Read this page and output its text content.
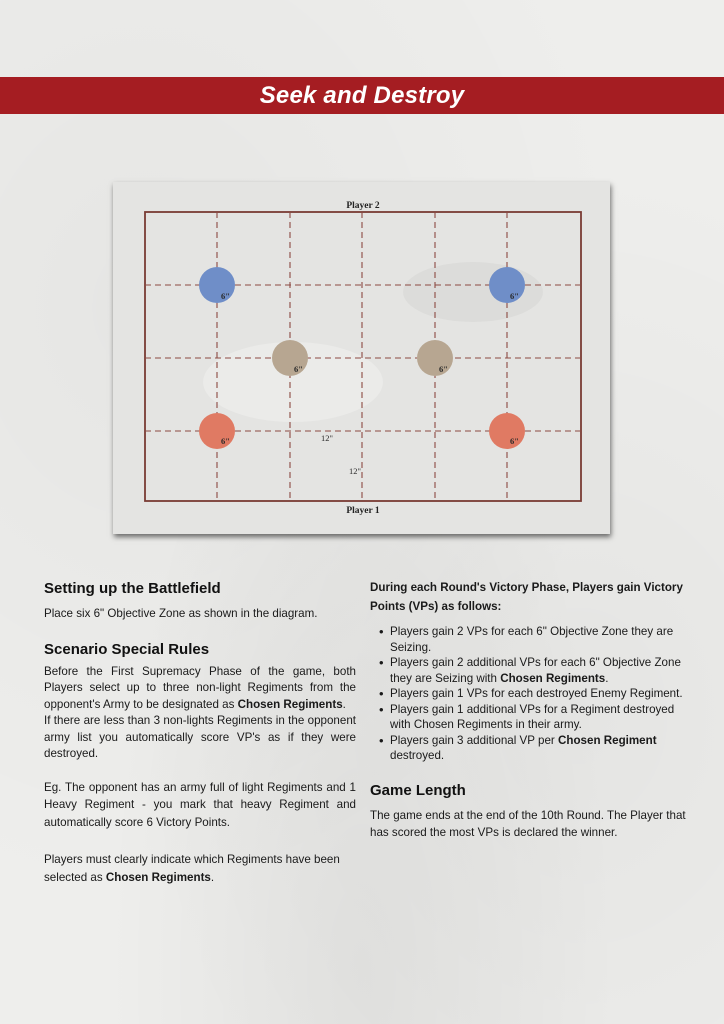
Seek and Destroy
6"	6"
6"	6"
6"	6"
12"
12"
Player 2
Player 1
Setting up the Battlefield

Place six 6" Objective Zone as shown in the diagram.

Scenario Special Rules

Before the First Supremacy Phase of the game, both Players select up to three non-light Regiments from the opponent's Army to be designated as Chosen Regiments.
If there are less than 3 non-lights Regiments in the opponent army list you automatically score VP's as if they were destroyed.

Eg. The opponent has an army full of light Regiments and 1 Heavy Regiment - you mark that heavy Regiment and automatically score 6 Victory Points.

Players must clearly indicate which Regiments have been selected as Chosen Regiments.

During each Round's Victory Phase, Players gain Victory Points (VPs) as follows:

• Players gain 2 VPs for each 6" Objective Zone they are Seizing.
• Players gain 2 additional VPs for each 6" Objective Zone they are Seizing with Chosen Regiments.
• Players gain 1 VPs for each destroyed Enemy Regiment.
• Players gain 1 additional VPs for a Regiment destroyed with Chosen Regiments in their army.
• Players gain 3 additional VP per Chosen Regiment destroyed.
Game Length

The game ends at the end of the 10th Round. The Player that has scored the most VPs is declared the winner.
